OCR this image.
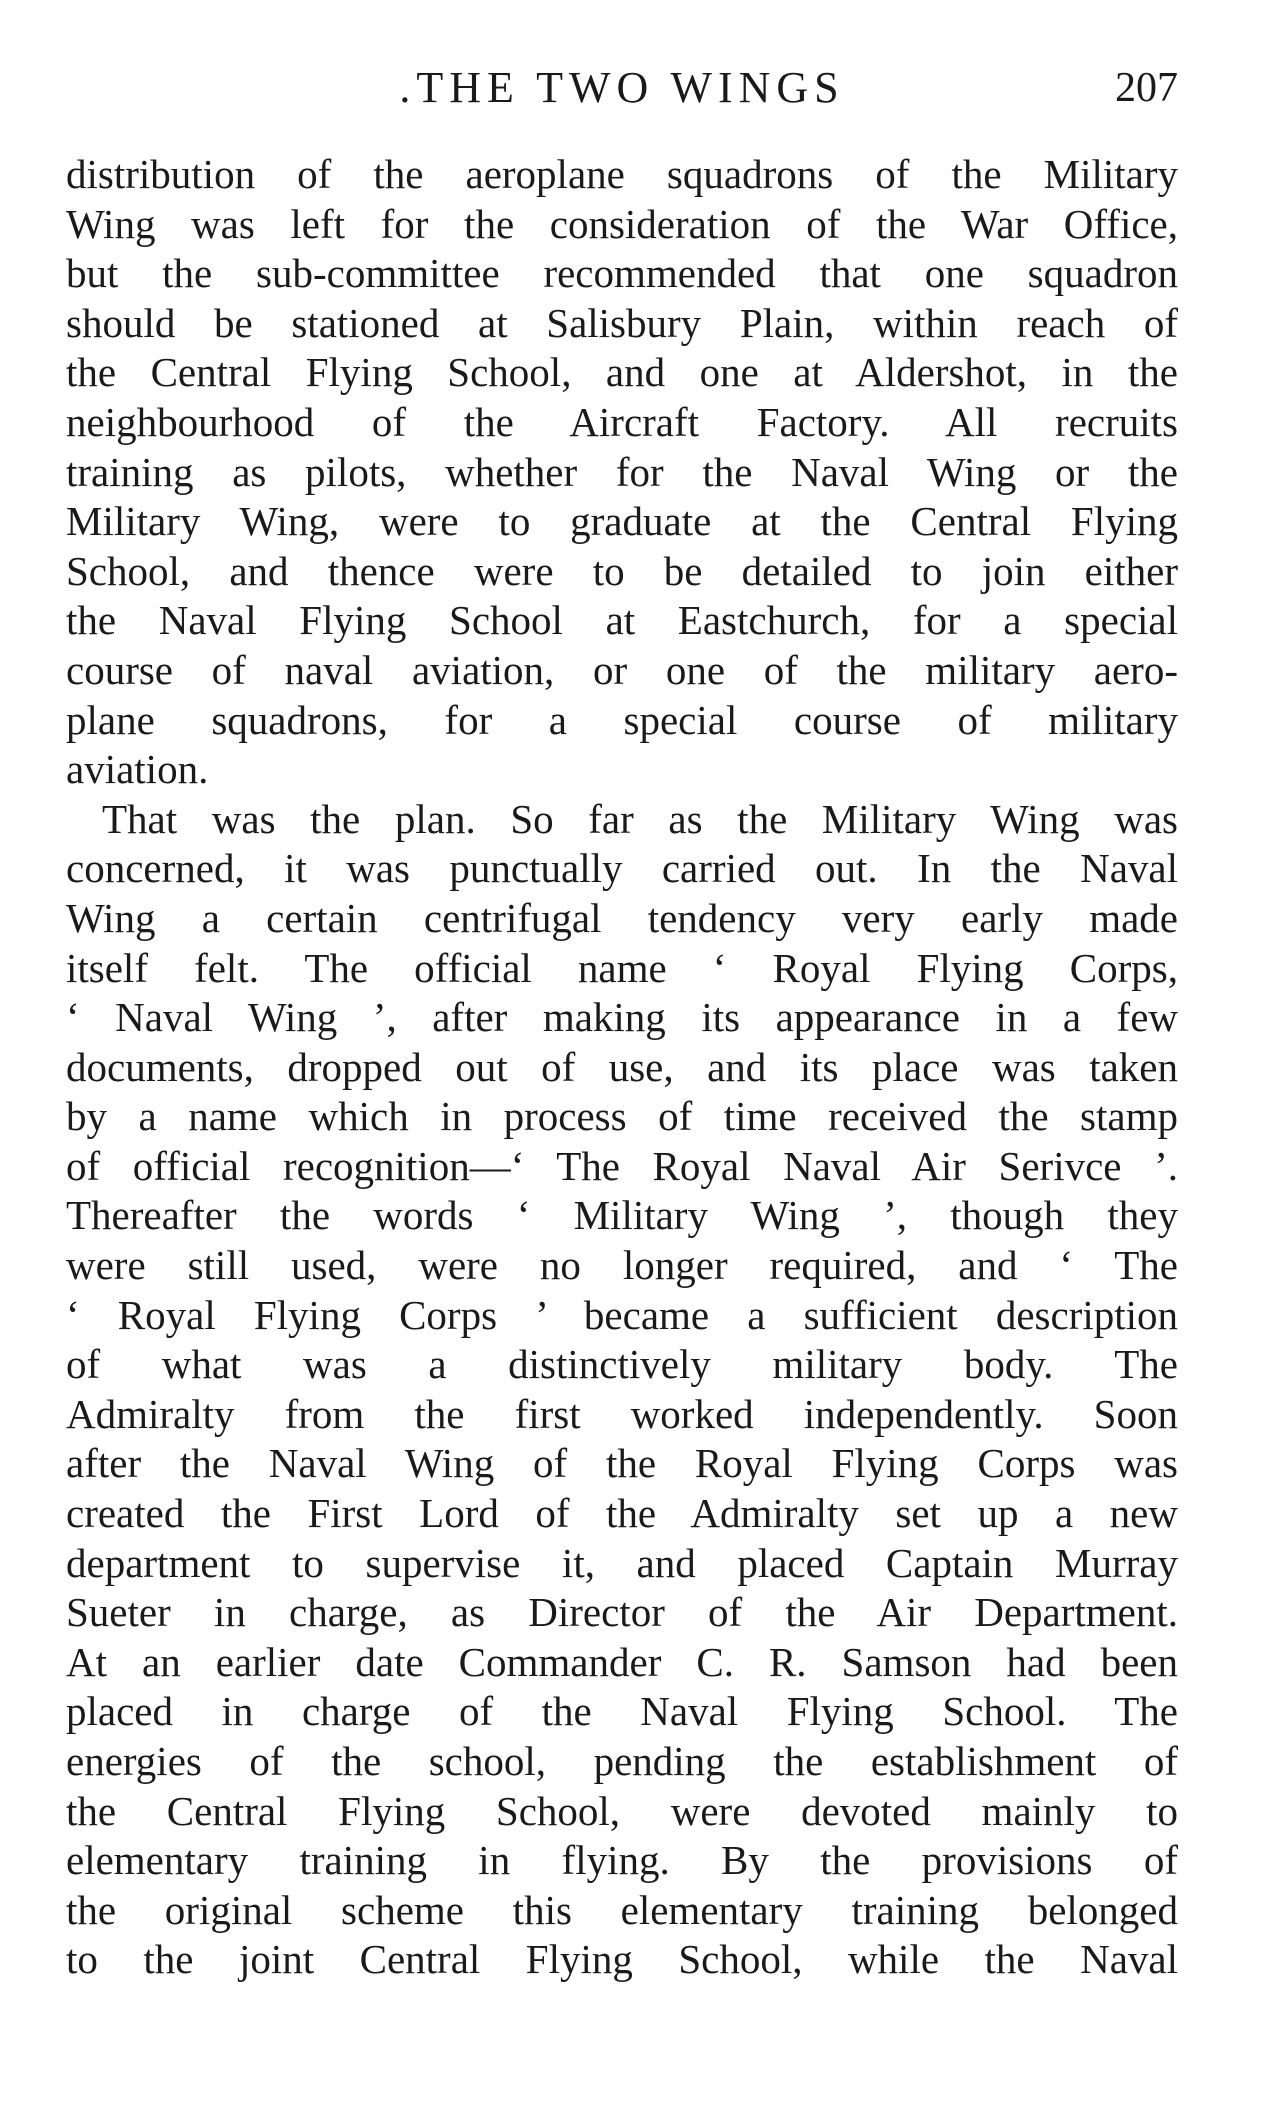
.THE TWO WINGS	207
distribution of the aeroplane squadrons of the Military
Wing was left for the consideration of the War Office,
but the sub-committee recommended that one squadron
should be stationed at Salisbury Plain, within reach of
the Central Flying School, and one at Aldershot, in the
neighbourhood of the Aircraft Factory. All recruits
training as pilots, whether for the Naval Wing or the
Military Wing, were to graduate at the Central Flying
School, and thence were to be detailed to join either
the Naval Flying School at Eastchurch, for a special
course of naval aviation, or one of the military aero-
plane squadrons, for a special course of military
aviation.
That was the plan. So far as the Military Wing was
concerned, it was punctually carried out. In the Naval
Wing a certain centrifugal tendency very early made
itself felt. The official name ‘ Royal Flying Corps,
‘ Naval Wing ’, after making its appearance in a few
documents, dropped out of use, and its place was taken
by a name which in process of time received the stamp
of official recognition—‘ The Royal Naval Air Serivce ’.
Thereafter the words ‘ Military Wing ’, though they
were still used, were no longer required, and ‘ The
‘ Royal Flying Corps ’ became a sufficient description
of what was a distinctively military body. The
Admiralty from the first worked independently. Soon
after the Naval Wing of the Royal Flying Corps was
created the First Lord of the Admiralty set up a new
department to supervise it, and placed Captain Murray
Sueter in charge, as Director of the Air Department.
At an earlier date Commander C. R. Samson had been
placed in charge of the Naval Flying School. The
energies of the school, pending the establishment of
the Central Flying School, were devoted mainly to
elementary training in flying. By the provisions of
the original scheme this elementary training belonged
to the joint Central Flying School, while the Naval
